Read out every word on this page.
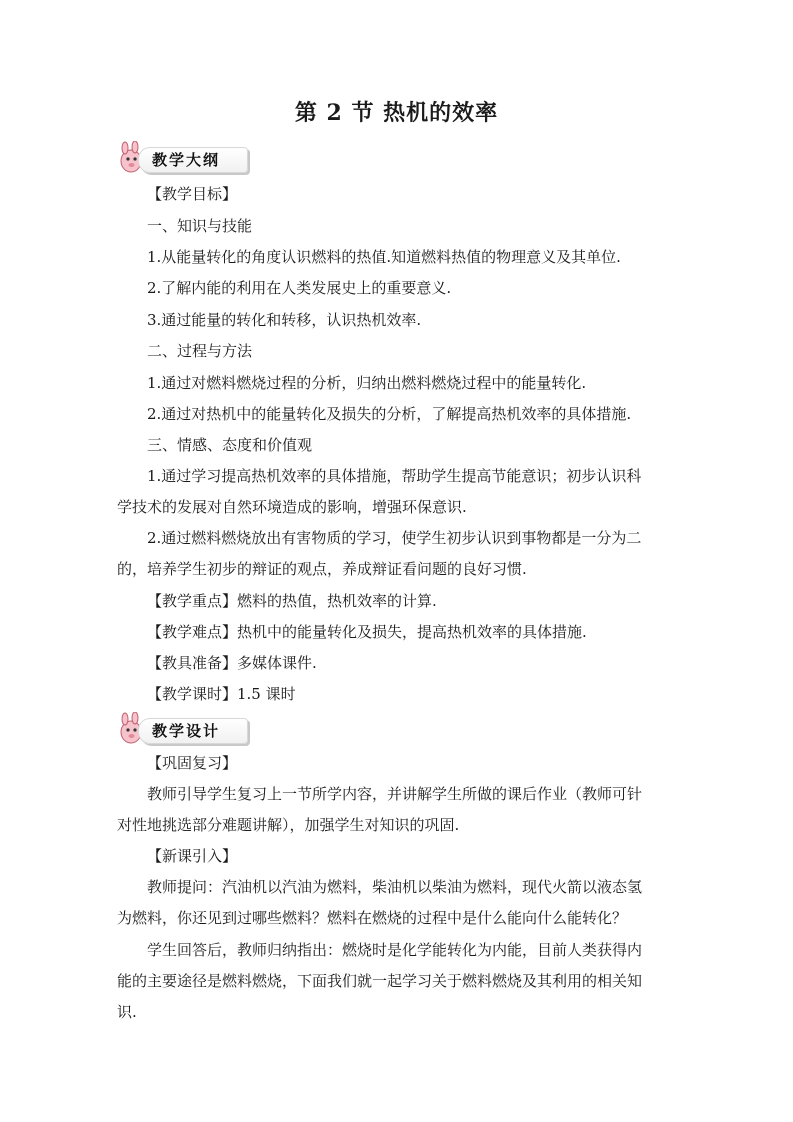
第 2 节 热机的效率
教学大纲

【教学目标】

一、知识与技能

1.从能量转化的角度认识燃料的热值.知道燃料热值的物理意义及其单位.

2.了解内能的利用在人类发展史上的重要意义.

3.通过能量的转化和转移，认识热机效率.

二、过程与方法

1.通过对燃料燃烧过程的分析，归纳出燃料燃烧过程中的能量转化.

2.通过对热机中的能量转化及损失的分析，了解提高热机效率的具体措施.

三、情感、态度和价值观

1.通过学习提高热机效率的具体措施，帮助学生提高节能意识；初步认识科

学技术的发展对自然环境造成的影响，增强环保意识.

2.通过燃料燃烧放出有害物质的学习，使学生初步认识到事物都是一分为二

的，培养学生初步的辩证的观点，养成辩证看问题的良好习惯.

【教学重点】燃料的热值，热机效率的计算.

【教学难点】热机中的能量转化及损失，提高热机效率的具体措施.

【教具准备】多媒体课件.

【教学课时】1.5 课时

教学设计

【巩固复习】

教师引导学生复习上一节所学内容，并讲解学生所做的课后作业（教师可针

对性地挑选部分难题讲解），加强学生对知识的巩固.

【新课引入】

教师提问：汽油机以汽油为燃料，柴油机以柴油为燃料，现代火箭以液态氢

为燃料，你还见到过哪些燃料？燃料在燃烧的过程中是什么能向什么能转化？

学生回答后，教师归纳指出：燃烧时是化学能转化为内能，目前人类获得内

能的主要途径是燃料燃烧，下面我们就一起学习关于燃料燃烧及其利用的相关知

识.
